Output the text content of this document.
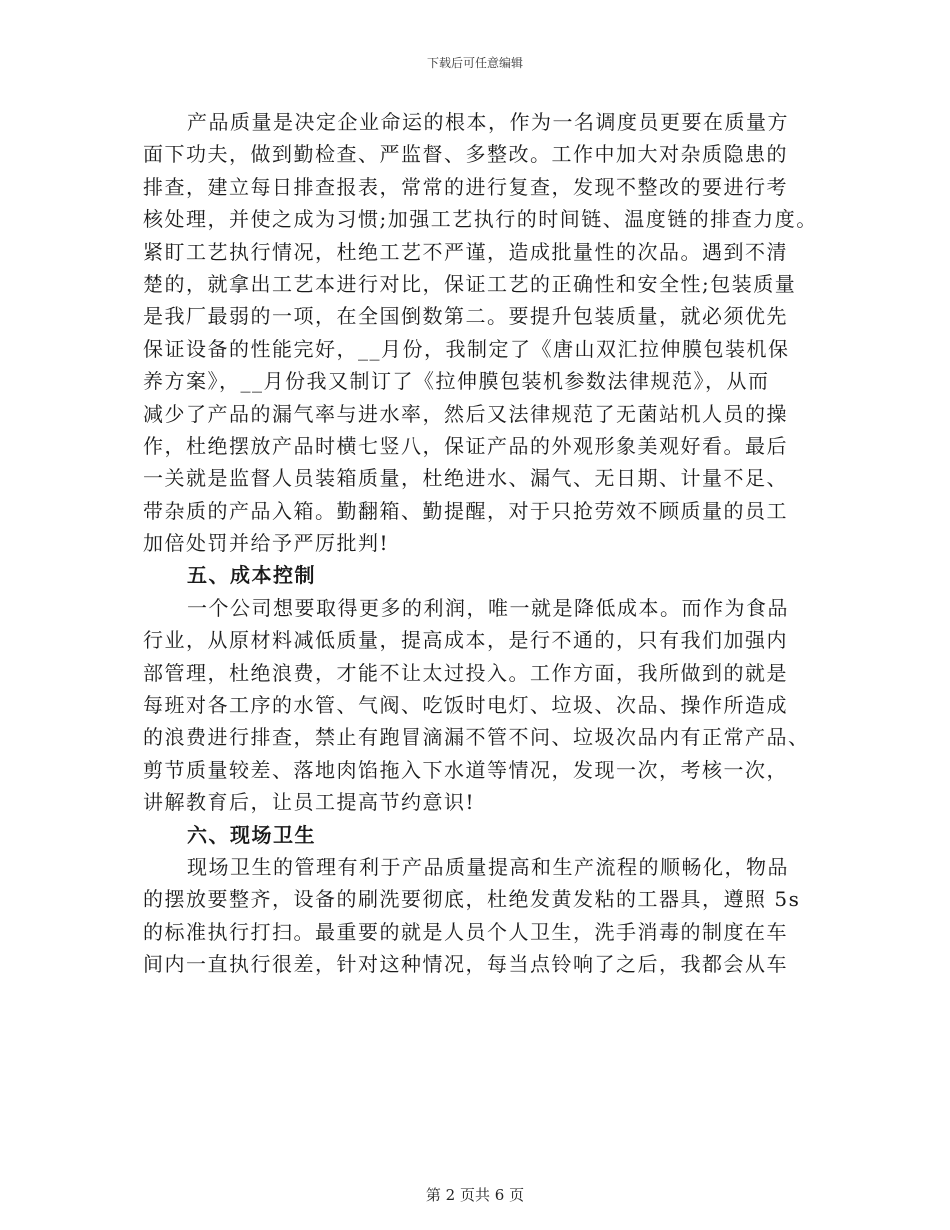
下载后可任意编辑
产品质量是决定企业命运的根本，作为一名调度员更要在质量方
面下功夫，做到勤检查、严监督、多整改。工作中加大对杂质隐患的
排查，建立每日排查报表，常常的进行复查，发现不整改的要进行考
核处理，并使之成为习惯;加强工艺执行的时间链、温度链的排查力度。
紧盯工艺执行情况，杜绝工艺不严谨，造成批量性的次品。遇到不清
楚的，就拿出工艺本进行对比，保证工艺的正确性和安全性;包装质量
是我厂最弱的一项，在全国倒数第二。要提升包装质量，就必须优先
保证设备的性能完好，__月份，我制定了《唐山双汇拉伸膜包装机保
养方案》，__月份我又制订了《拉伸膜包装机参数法律规范》，从而
减少了产品的漏气率与进水率，然后又法律规范了无菌站机人员的操
作，杜绝摆放产品时横七竖八，保证产品的外观形象美观好看。最后
一关就是监督人员装箱质量，杜绝进水、漏气、无日期、计量不足、
带杂质的产品入箱。勤翻箱、勤提醒，对于只抢劳效不顾质量的员工
加倍处罚并给予严厉批判!
五、成本控制
一个公司想要取得更多的利润，唯一就是降低成本。而作为食品
行业，从原材料减低质量，提高成本，是行不通的，只有我们加强内
部管理，杜绝浪费，才能不让太过投入。工作方面，我所做到的就是
每班对各工序的水管、气阀、吃饭时电灯、垃圾、次品、操作所造成
的浪费进行排查，禁止有跑冒滴漏不管不问、垃圾次品内有正常产品、
剪节质量较差、落地肉馅拖入下水道等情况，发现一次，考核一次，
讲解教育后，让员工提高节约意识!
六、现场卫生
现场卫生的管理有利于产品质量提高和生产流程的顺畅化，物品
的摆放要整齐，设备的刷洗要彻底，杜绝发黄发粘的工器具，遵照 5s
的标准执行打扫。最重要的就是人员个人卫生，洗手消毒的制度在车
间内一直执行很差，针对这种情况，每当点铃响了之后，我都会从车
第 2 页共 6 页
